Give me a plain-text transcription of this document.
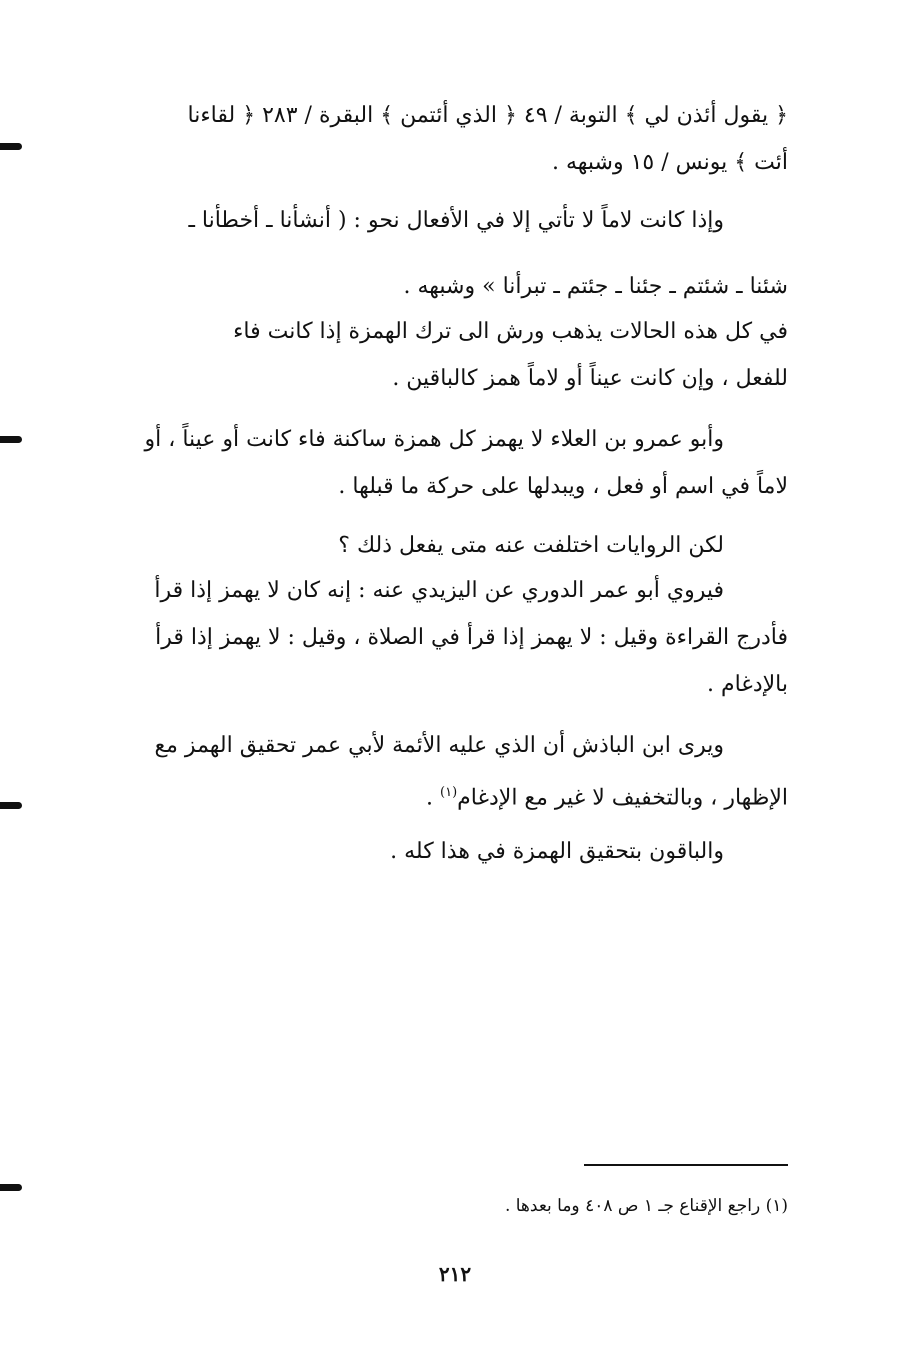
﴿ يقول أئذن لي ﴾ التوبة / ٤٩ ﴿ الذي أئتمن ﴾ البقرة / ٢٨٣ ﴿ لقاءنا
أئت ﴾ يونس / ١٥ وشبهه .
وإذا كانت لاماً لا تأتي إلا في الأفعال نحو : ( أنشأنا ـ أخطأنا ـ
شئنا ـ شئتم ـ جئنا ـ جئتم ـ تبرأنا » وشبهه .
في كل هذه الحالات يذهب ورش الى ترك الهمزة إذا كانت فاء
للفعل ، وإن كانت عيناً أو لاماً همز كالباقين .
وأبو عمرو بن العلاء لا يهمز كل همزة ساكنة فاء كانت أو عيناً ، أو
لاماً في اسم أو فعل ، ويبدلها على حركة ما قبلها .
لكن الروايات اختلفت عنه متى يفعل ذلك ؟
فيروي أبو عمر الدوري عن اليزيدي عنه : إنه كان لا يهمز إذا قرأ
فأدرج القراءة وقيل : لا يهمز إذا قرأ في الصلاة ، وقيل : لا يهمز إذا قرأ
بالإدغام .
ويرى ابن الباذش أن الذي عليه الأئمة لأبي عمر تحقيق الهمز مع
الإظهار ، وبالتخفيف لا غير مع الإدغام$^{(١)}$ .
والباقون بتحقيق الهمزة في هذا كله .
(١) راجع الإقناع جـ ١ ص ٤٠٨ وما بعدها .
٢١٢
